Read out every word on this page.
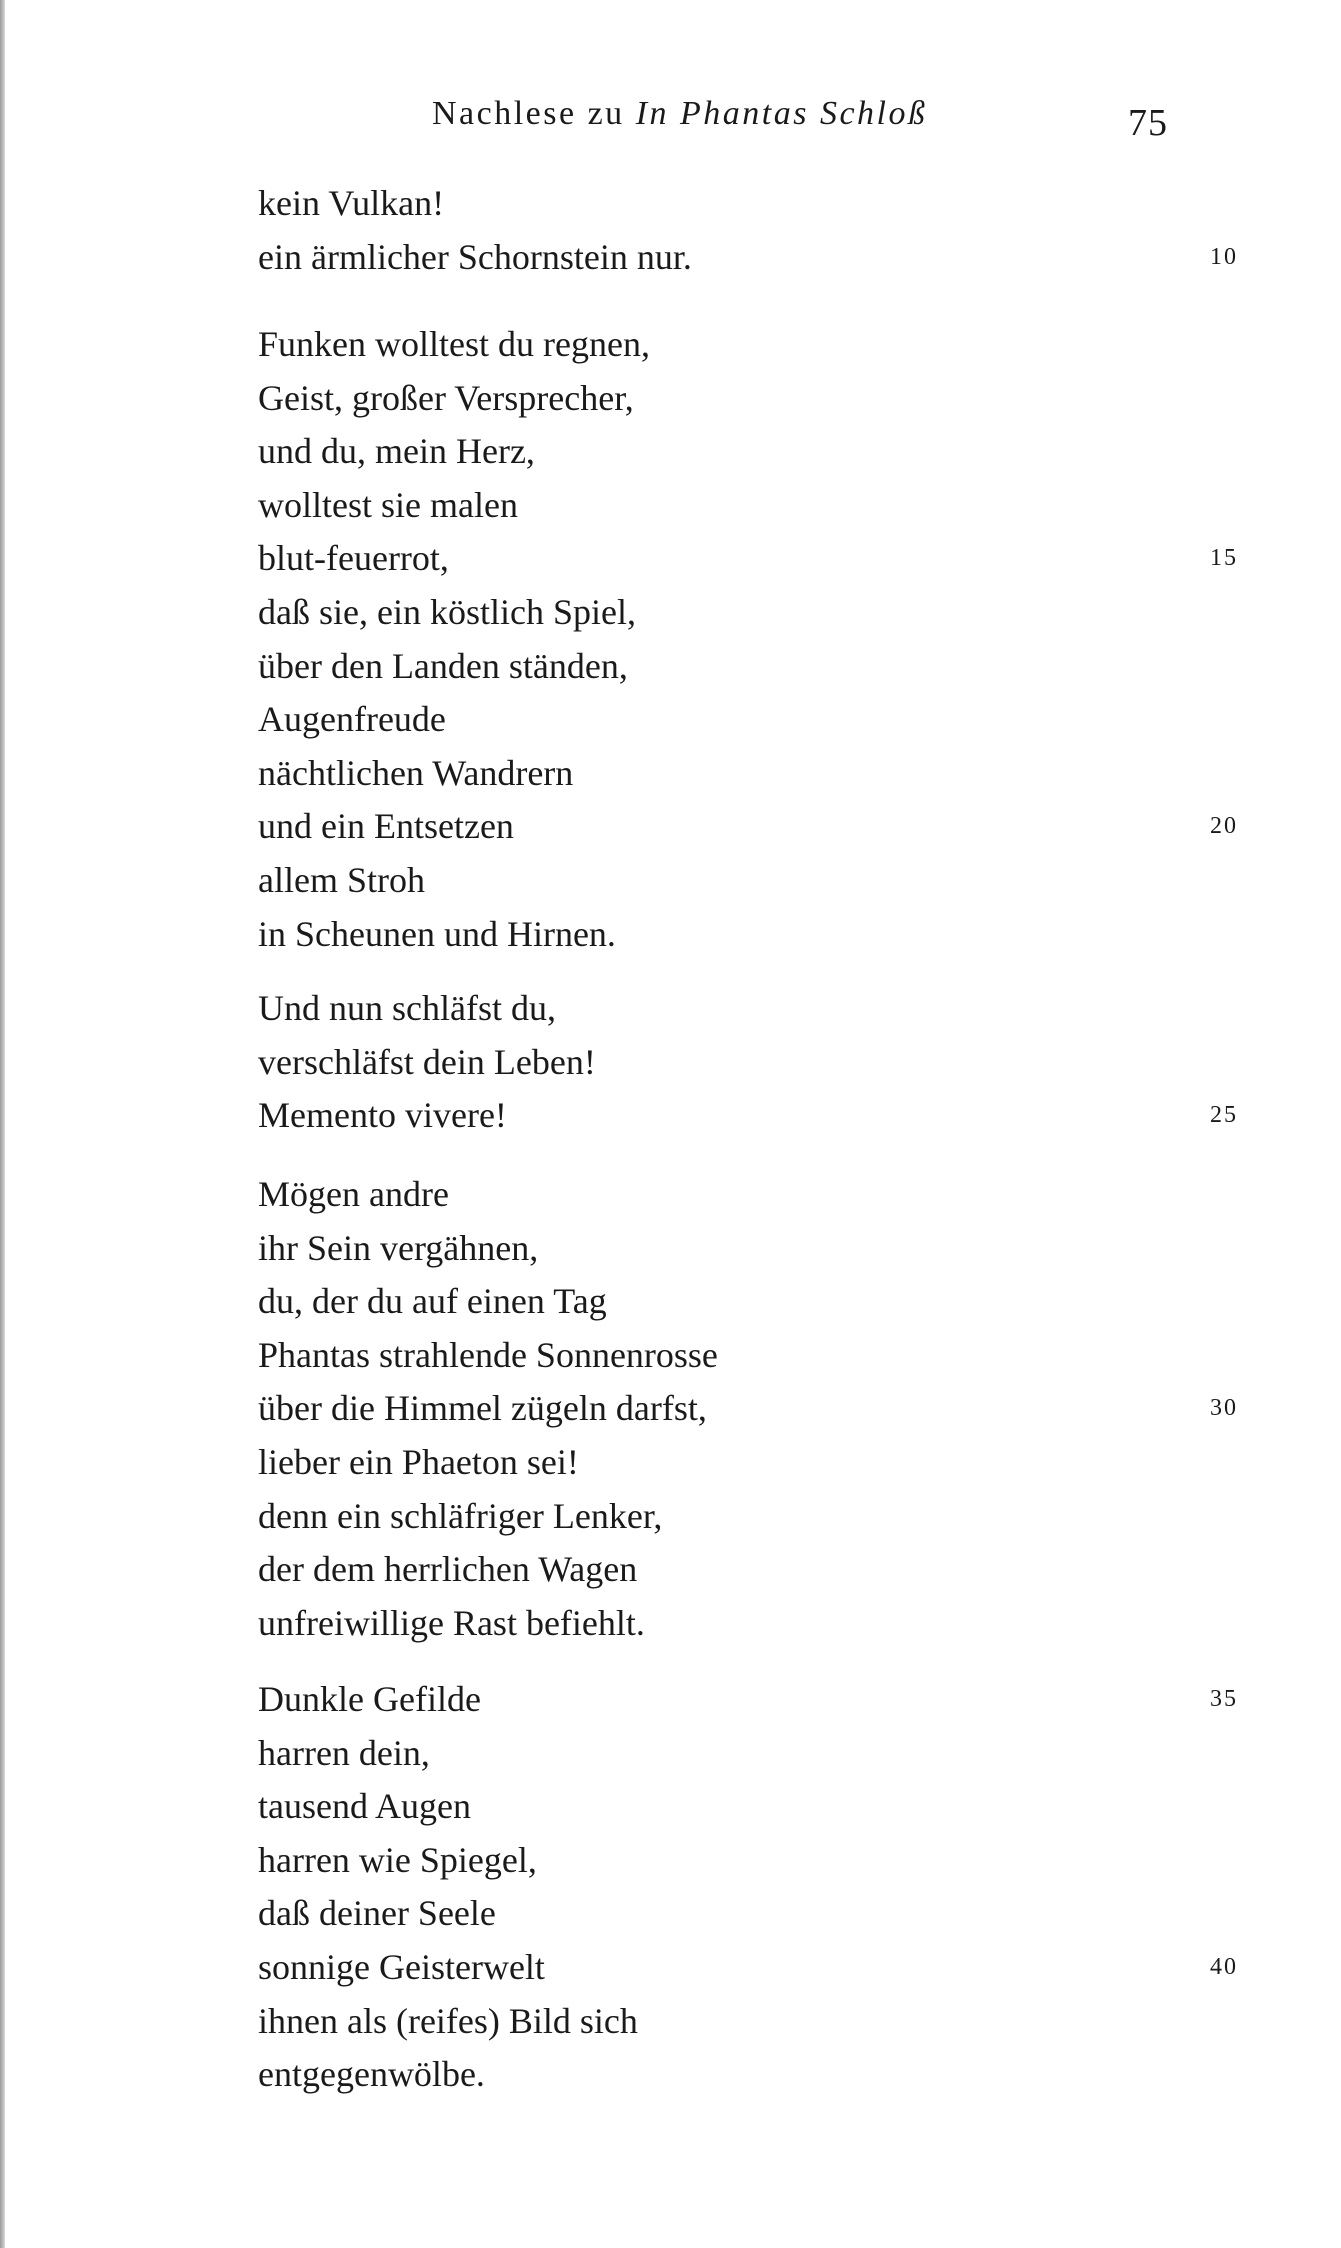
Nachlese zu In Phantas Schloß	75
kein Vulkan!
ein ärmlicher Schornstein nur.	10
Funken wolltest du regnen,
Geist, großer Versprecher,
und du, mein Herz,
wolltest sie malen
blut-feuerrot,	15
daß sie, ein köstlich Spiel,
über den Landen ständen,
Augenfreude
nächtlichen Wandrern
und ein Entsetzen	20
allem Stroh
in Scheunen und Hirnen.
Und nun schläfst du,
verschläfst dein Leben!
Memento vivere!	25
Mögen andre
ihr Sein vergähnen,
du, der du auf einen Tag
Phantas strahlende Sonnenrosse
über die Himmel zügeln darfst,	30
lieber ein Phaeton sei!
denn ein schläfriger Lenker,
der dem herrlichen Wagen
unfreiwillige Rast befiehlt.
Dunkle Gefilde	35
harren dein,
tausend Augen
harren wie Spiegel,
daß deiner Seele
sonnige Geisterwelt	40
ihnen als (reifes) Bild sich
entgegenwölbe.
